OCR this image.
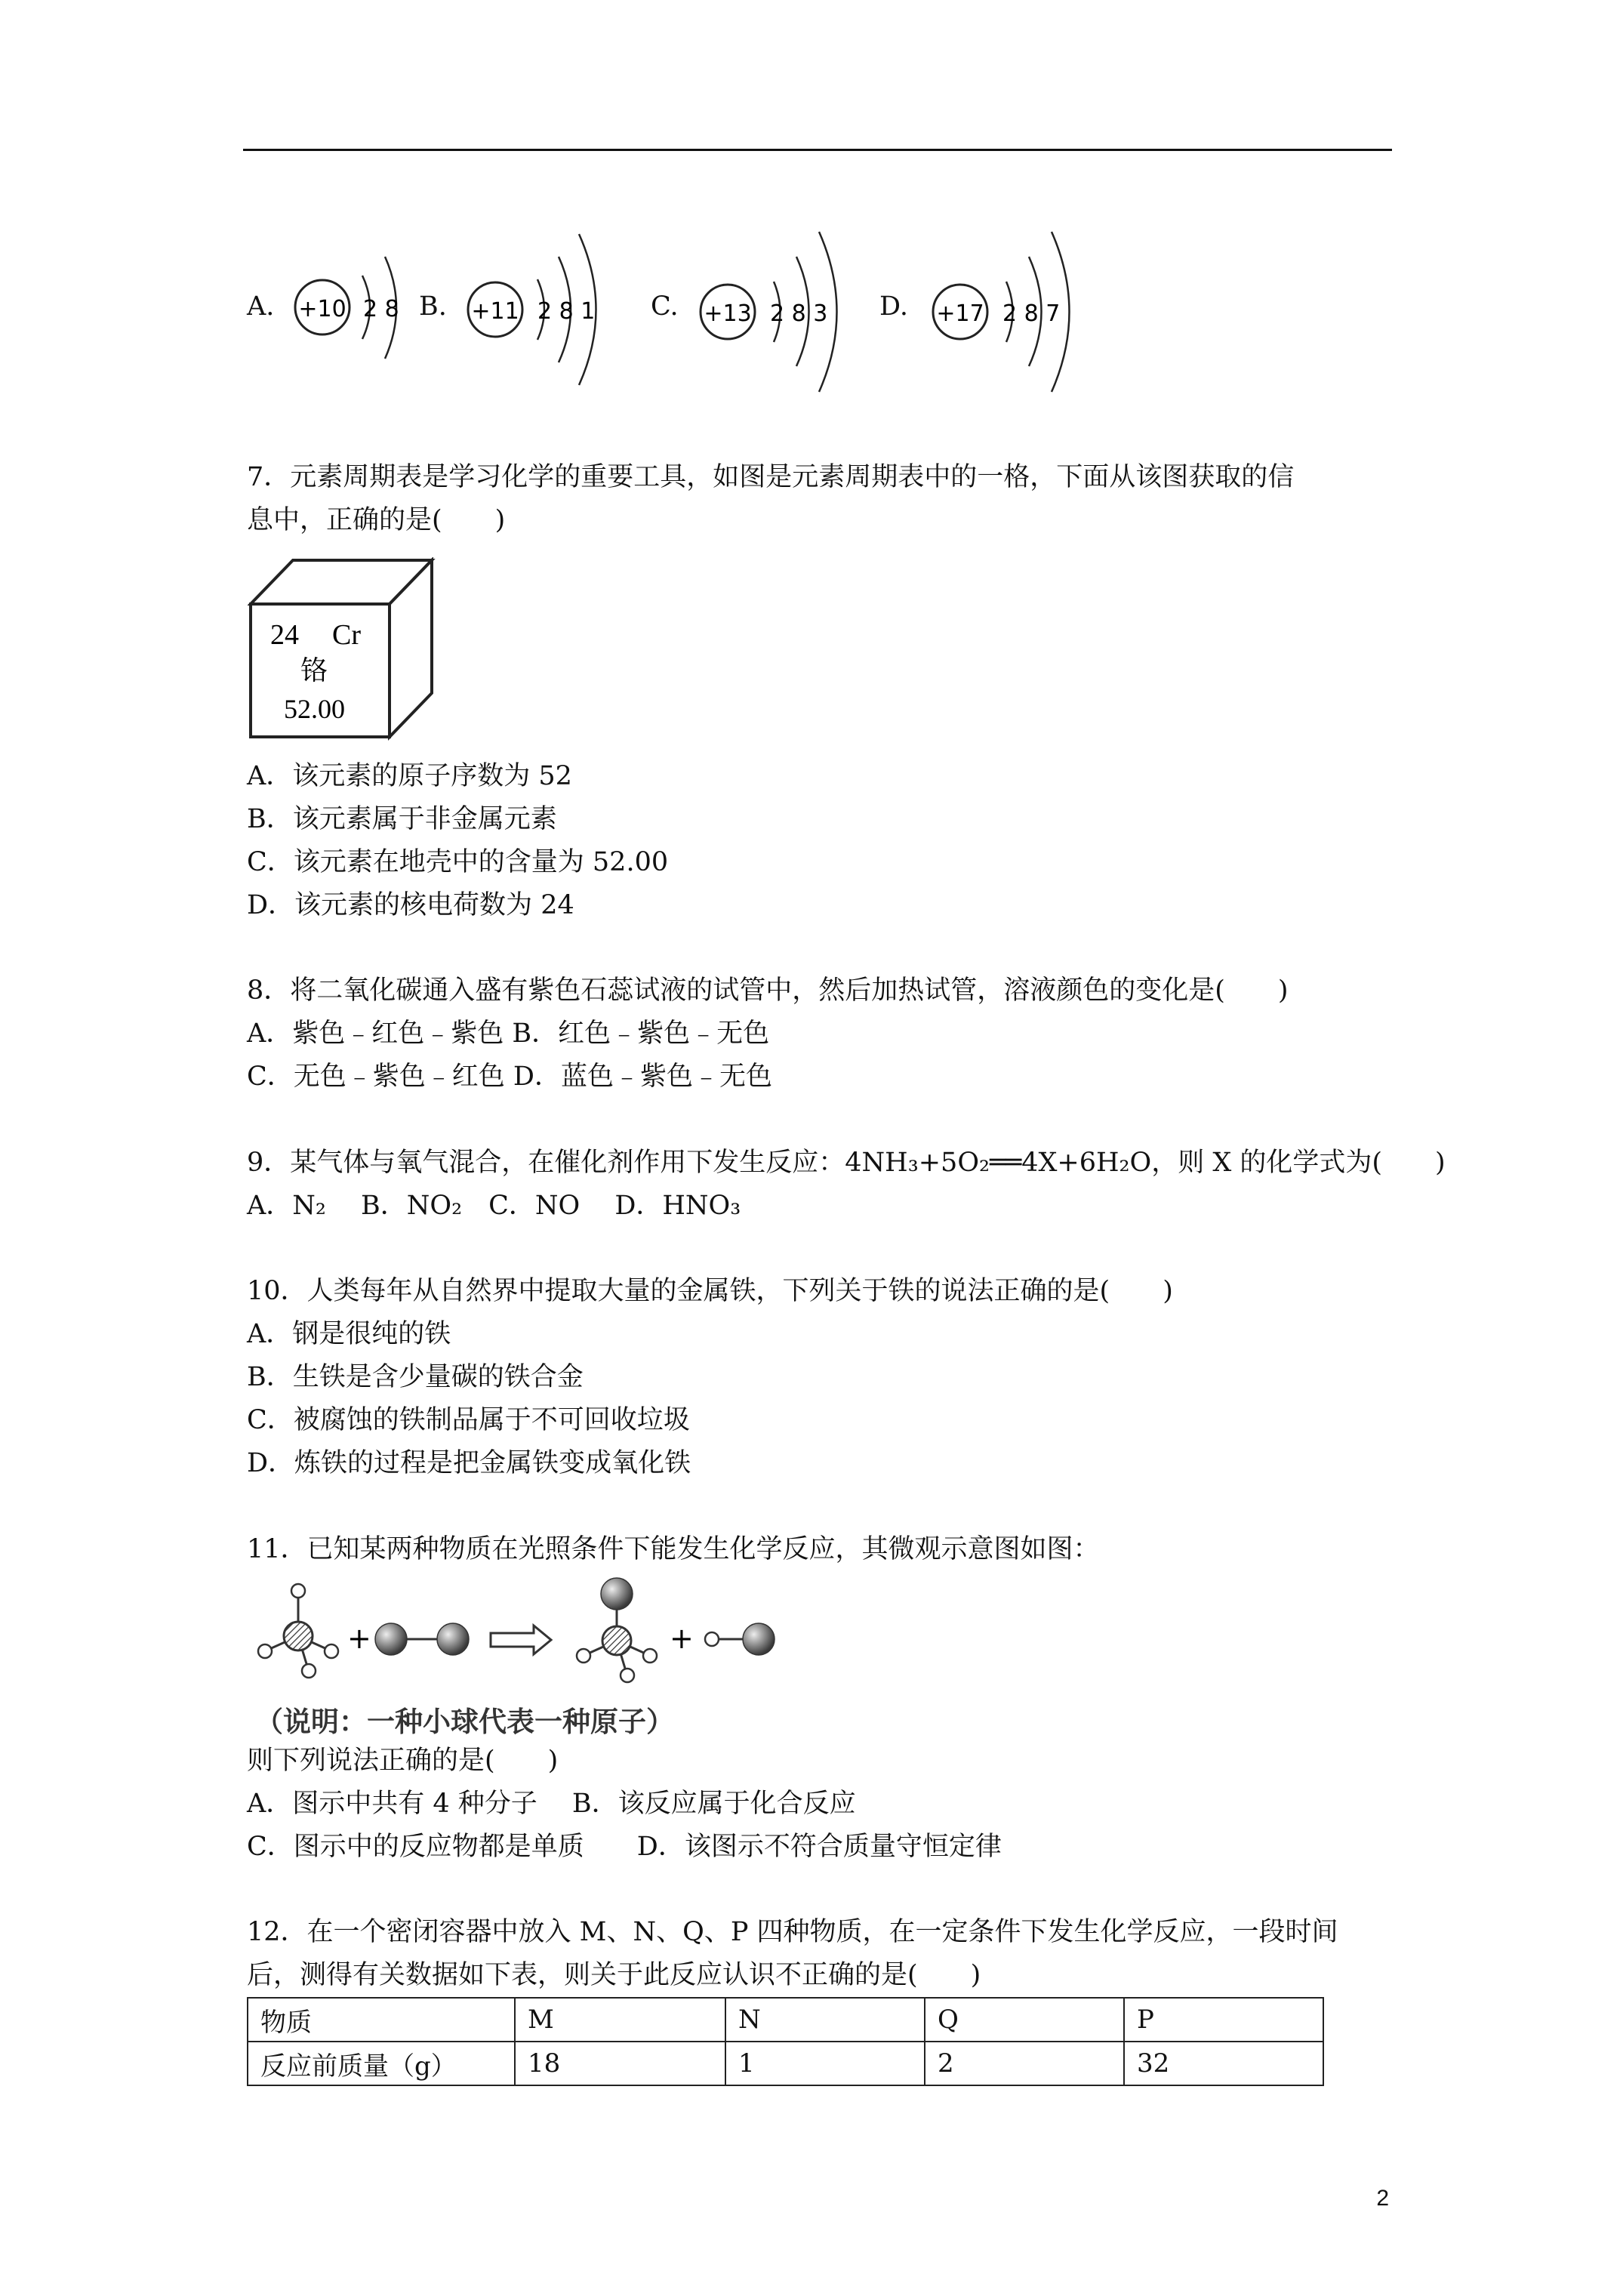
A. +10 2 8 B. +11 2 8 1 C. +13 2 8 3 D. +17 2 8 7
7．元素周期表是学习化学的重要工具，如图是元素周期表中的一格，下面从该图获取的信
息中，正确的是(　　)
24 Cr
铬
52.00
A．该元素的原子序数为 52
B．该元素属于非金属元素
C．该元素在地壳中的含量为 52.00
D．该元素的核电荷数为 24
8．将二氧化碳通入盛有紫色石蕊试液的试管中，然后加热试管，溶液颜色的变化是(　　)
A．紫色﹣红色﹣紫色 B．红色﹣紫色﹣无色
C．无色﹣紫色﹣红色 D．蓝色﹣紫色﹣无色
9．某气体与氧气混合，在催化剂作用下发生反应：4NH₃+5O₂══4X+6H₂O，则 X 的化学式为(　　)
A．N₂　 B．NO₂　C．NO　 D．HNO₃
10．人类每年从自然界中提取大量的金属铁，下列关于铁的说法正确的是(　　)
A．钢是很纯的铁
B．生铁是含少量碳的铁合金
C．被腐蚀的铁制品属于不可回收垃圾
D．炼铁的过程是把金属铁变成氧化铁
11．已知某两种物质在光照条件下能发生化学反应，其微观示意图如图：
+	+
（说明：一种小球代表一种原子）
则下列说法正确的是(　　)
A．图示中共有 4 种分子　 B．该反应属于化合反应
C．图示中的反应物都是单质　　D．该图示不符合质量守恒定律
12．在一个密闭容器中放入 M、N、Q、P 四种物质，在一定条件下发生化学反应，一段时间
后，测得有关数据如下表，则关于此反应认识不正确的是(　　)
物质	M	N	Q	P
反应前质量（g）	18	1	2	32
2
